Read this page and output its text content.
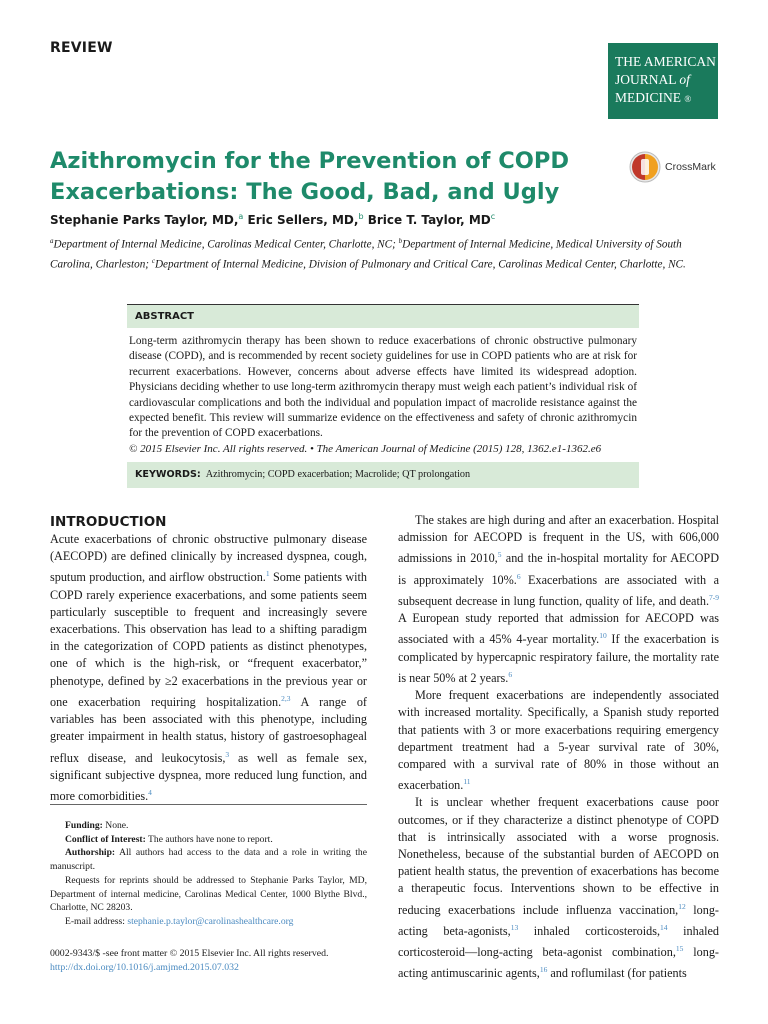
REVIEW
THE AMERICAN
JOURNAL of
MEDICINE ®
Azithromycin for the Prevention of COPD Exacerbations: The Good, Bad, and Ugly
CrossMark
Stephanie Parks Taylor, MD,$^a$ Eric Sellers, MD,$^b$ Brice T. Taylor, $MD^c$
$^a$Department of Internal Medicine, Carolinas Medical Center, Charlotte, NC; $^b$Department of Internal Medicine, Medical University of South Carolina, Charleston; $^c$Department of Internal Medicine, Division of Pulmonary and Critical Care, Carolinas Medical Center, Charlotte, NC.
ABSTRACT
Long-term azithromycin therapy has been shown to reduce exacerbations of chronic obstructive pulmonary disease (COPD), and is recommended by recent society guidelines for use in COPD patients who are at risk for recurrent exacerbations. However, concerns about adverse effects have limited its widespread adoption. Physicians deciding whether to use long-term azithromycin therapy must weigh each patient’s individual risk of cardiovascular complications and both the individual and population impact of macrolide resistance against the expected benefit. This review will summarize evidence on the effectiveness and safety of chronic azithromycin for the prevention of COPD exacerbations.
© 2015 Elsevier Inc. All rights reserved. • The American Journal of Medicine (2015) 128, 1362.e1-1362.e6
KEYWORDS: Azithromycin; COPD exacerbation; Macrolide; QT prolongation
INTRODUCTION

Acute exacerbations of chronic obstructive pulmonary disease (AECOPD) are defined clinically by increased dyspnea, cough, sputum production, and airflow obstruction.$^1$ Some patients with COPD rarely experience exacerbations, and some patients seem particularly susceptible to frequent and increasingly severe exacerbations. This observation has lead to a shifting paradigm in the categorization of COPD patients as distinct phenotypes, one of which is the high-risk, or “frequent exacerbator,” phenotype, defined by ≥2 exacerbations in the previous year or one exacerbation requiring hospitalization.$^{2,3}$ A range of variables has been associated with this phenotype, including greater impairment in health status, history of gastroesophageal reflux disease, and leukocytosis,$^3$ as well as female sex, significant subjective dyspnea, more reduced lung function, and more comorbidities.$^4$

Funding: None.

Conflict of Interest: The authors have none to report.

Authorship: All authors had access to the data and a role in writing the manuscript.

Requests for reprints should be addressed to Stephanie Parks Taylor, MD, Department of internal medicine, Carolinas Medical Center, 1000 Blythe Blvd., Charlotte, NC 28203.

E-mail address: stephanie.p.taylor@carolinashealthcare.org

0002-9343/$ -see front matter © 2015 Elsevier Inc. All rights reserved.
http://dx.doi.org/10.1016/j.amjmed.2015.07.032

The stakes are high during and after an exacerbation. Hospital admission for AECOPD is frequent in the US, with 606,000 admissions in 2010,$^5$ and the in-hospital mortality for AECOPD is approximately 10%.$^6$ Exacerbations are associated with a subsequent decrease in lung function, quality of life, and death.$^{7-9}$ A European study reported that admission for AECOPD was associated with a 45% 4-year mortality.$^{10}$ If the exacerbation is complicated by hypercapnic respiratory failure, the mortality rate is near 50% at 2 years.$^6$

More frequent exacerbations are independently associated with increased mortality. Specifically, a Spanish study reported that patients with 3 or more exacerbations requiring emergency department treatment had a 5-year survival rate of 30%, compared with a survival rate of 80% in those without an exacerbation.$^{11}$

It is unclear whether frequent exacerbations cause poor outcomes, or if they characterize a distinct phenotype of COPD that is intrinsically associated with a worse prognosis. Nonetheless, because of the substantial burden of AECOPD on patient health status, the prevention of exacerbations has become a therapeutic focus. Interventions shown to be effective in reducing exacerbations include influenza vaccination,$^{12}$ long-acting beta-agonists,$^{13}$ inhaled corticosteroids,$^{14}$ inhaled corticosteroid—long-acting beta-agonist combination,$^{15}$ long-acting antimuscarinic agents,$^{16}$ and roflumilast (for patients
